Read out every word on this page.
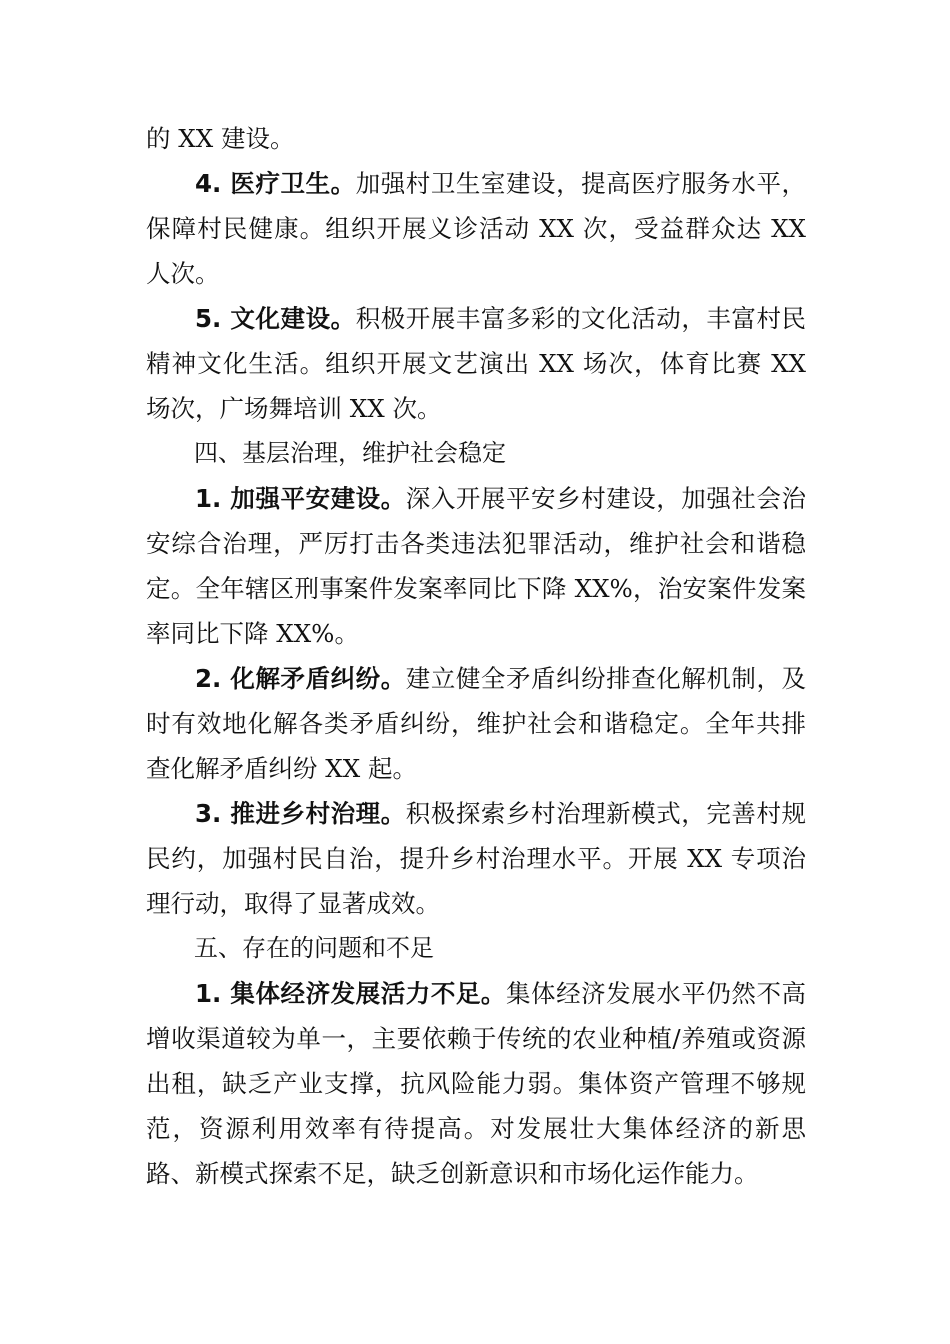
的 XX 建设。

4. 医疗卫生。加强村卫生室建设，提高医疗服务水平，保障村民健康。组织开展义诊活动 XX 次，受益群众达 XX 人次。

5. 文化建设。积极开展丰富多彩的文化活动，丰富村民精神文化生活。组织开展文艺演出 XX 场次，体育比赛 XX 场次，广场舞培训 XX 次。

四、基层治理，维护社会稳定

1. 加强平安建设。深入开展平安乡村建设，加强社会治安综合治理，严厉打击各类违法犯罪活动，维护社会和谐稳定。全年辖区刑事案件发案率同比下降 XX%，治安案件发案率同比下降 XX%。

2. 化解矛盾纠纷。建立健全矛盾纠纷排查化解机制，及时有效地化解各类矛盾纠纷，维护社会和谐稳定。全年共排查化解矛盾纠纷 XX 起。

3. 推进乡村治理。积极探索乡村治理新模式，完善村规民约，加强村民自治，提升乡村治理水平。开展 XX 专项治理行动，取得了显著成效。

五、存在的问题和不足

1. 集体经济发展活力不足。集体经济发展水平仍然不高增收渠道较为单一，主要依赖于传统的农业种植/养殖或资源出租，缺乏产业支撑，抗风险能力弱。集体资产管理不够规范，资源利用效率有待提高。对发展壮大集体经济的新思路、新模式探索不足，缺乏创新意识和市场化运作能力。
